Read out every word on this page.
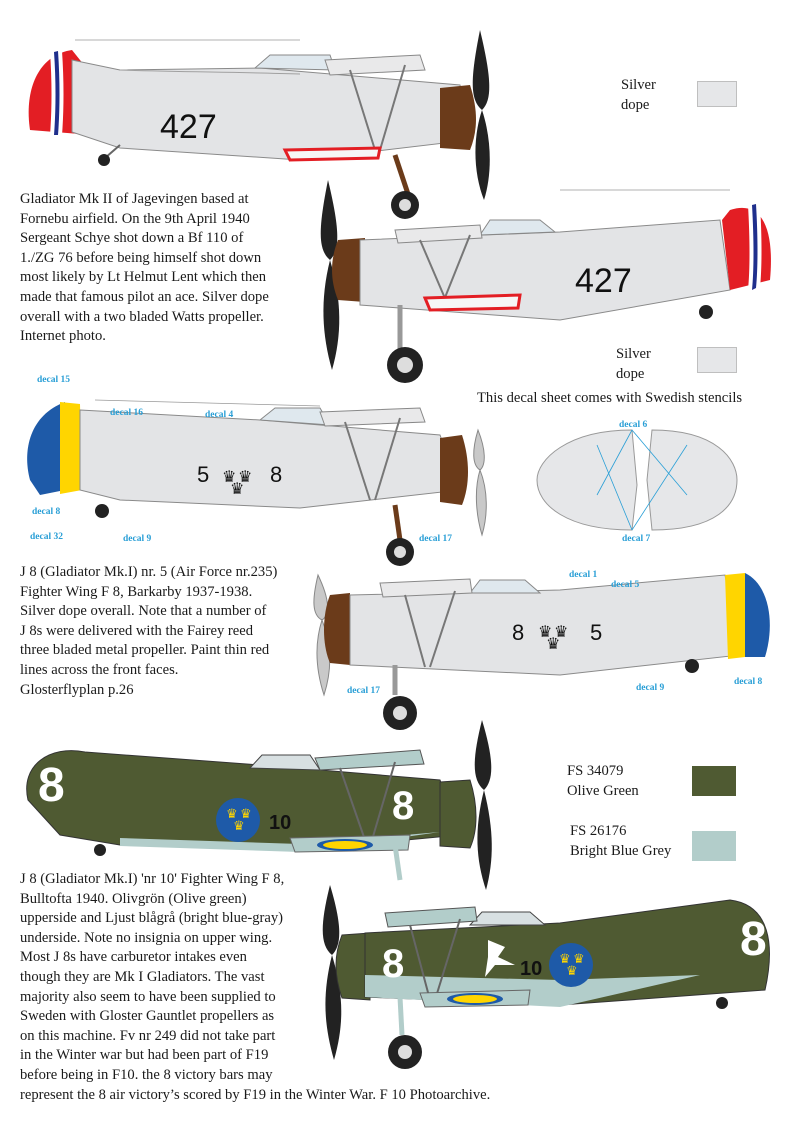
427
Silver
dope
Gladiator Mk II of Jagevingen based at
Fornebu airfield. On the 9th April 1940
Sergeant Schye shot down a Bf 110 of
1./ZG 76 before being himself shot down
most likely by Lt Helmut Lent which then
made that famous pilot an ace. Silver dope
overall with a two bladed Watts propeller.
Internet photo.
427
Silver
dope
This decal sheet comes with Swedish stencils
♛ ♛
♛
5	8
decal 15
decal 16	decal 4
decal 8
decal 32	decal 9	decal 17
decal 6
decal 7
J 8 (Gladiator Mk.I) nr. 5 (Air Force nr.235)
Fighter Wing F 8, Barkarby 1937-1938.
Silver dope overall. Note that a number of
J 8s were delivered with the Fairey reed
three bladed metal propeller. Paint thin red
lines across the front faces.
Glosterflyplan p.26
♛ ♛
♛
8	5
decal 1
decal 5
decal 17	decal 9
decal 8
♛ ♛
♛
8	8
10
FS 34079
Olive Green
FS 26176
Bright Blue Grey
J 8 (Gladiator Mk.I) 'nr 10' Fighter Wing F 8,
Bulltofta 1940. Olivgrön (Olive green)
upperside and Ljust blågrå (bright blue-gray)
underside. Note no insignia on upper wing.
Most J 8s have carburetor intakes even
though they are Mk I Gladiators. The vast
majority also seem to have been supplied to
Sweden with Gloster Gauntlet propellers as
on this machine. Fv nr 249 did not take part
in the Winter war but had been part of F19
before being in F10. the 8 victory bars may
represent the 8 air victory’s scored by F19 in the Winter War. F 10 Photoarchive.
♛ ♛
♛
8	8
10
